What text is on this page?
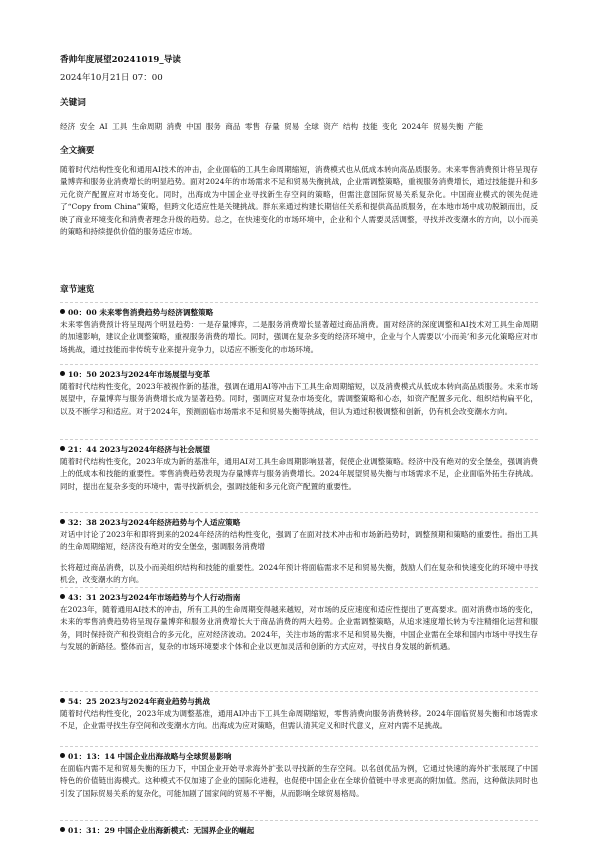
香帅年度展望20241019_导读
2024年10月21日 07：00
关键词
经济 安全 AI 工具 生命周期 消费 中国 服务 商品 零售 存量 贸易 全球 资产 结构 技能 变化 2024年 贸易失衡 产能
全文摘要
随着时代结构性变化和通用AI技术的冲击，企业面临的工具生命周期缩短，消费模式也从低成本转向高品质服务。未来零售消费预计将呈现存量博弈和服务业消费增长的明显趋势。面对2024年的市场需求不足和贸易失衡挑战，企业需调整策略，重视服务消费增长，通过技能提升和多元化资产配置应对市场变化。同时，出海成为中国企业寻找新生存空间的策略，但需注意国际贸易关系复杂化。中国商业模式的领先促进了“Copy from China”策略，但跨文化适应性是关键挑战。胖东来通过构建长期信任关系和提供高品质服务，在本地市场中成功脱颖而出，反映了商业环境变化和消费者理念升级的趋势。总之，在快速变化的市场环境中，企业和个人需要灵活调整，寻找并改变潮水的方向，以小而美的策略和持续提供价值的服务适应市场。
章节速览
00：00 未来零售消费趋势与经济调整策略
未来零售消费预计将呈现两个明显趋势：一是存量博弈，二是服务消费增长显著超过商品消费。面对经济的深度调整和AI技术对工具生命周期的加速影响，建议企业调整策略，重视服务消费的增长。同时，强调在复杂多变的经济环境中，企业与个人需要以‘小而美’和多元化策略应对市场挑战，通过技能而非传统专业来提升竞争力，以适应不断变化的市场环境。
10：50 2023与2024年市场展望与变革
随着时代结构性变化，2023年被视作新的基准，强调在通用AI等冲击下工具生命周期缩短，以及消费模式从低成本转向高品质服务。未来市场展望中，存量博弈与服务消费增长成为显著趋势。同时，强调应对复杂市场变化，需调整策略和心态，如资产配置多元化、组织结构扁平化，以及不断学习和适应。对于2024年，预测面临市场需求不足和贸易失衡等挑战，但认为通过积极调整和创新，仍有机会改变潮水方向。
21：44 2023与2024年经济与社会展望
随着时代结构性变化，2023年成为新的基准年，通用AI对工具生命周期影响显著，促使企业调整策略。经济中没有绝对的安全堡垒，强调消费上的低成本和技能的重要性。零售消费趋势表现为存量博弈与服务消费增长。2024年展望贸易失衡与市场需求不足，企业面临外拓生存挑战。同时，提出在复杂多变的环境中，需寻找新机会，强调技能和多元化资产配置的重要性。
32：38 2023与2024年经济趋势与个人适应策略
对话中讨论了2023年和即将到来的2024年经济的结构性变化，强调了在面对技术冲击和市场新趋势时，调整预期和策略的重要性。指出工具的生命周期缩短，经济没有绝对的安全堡垒，强调服务消费增
长将超过商品消费，以及小而美组织结构和技能的重要性。2024年预计将面临需求不足和贸易失衡，鼓励人们在复杂和快速变化的环境中寻找机会，改变潮水的方向。
43：31 2023与2024年市场趋势与个人行动指南
在2023年，随着通用AI技术的冲击，所有工具的生命周期变得越来越短，对市场的反应速度和适应性提出了更高要求。面对消费市场的变化，未来的零售消费趋势将呈现存量博弈和服务业消费增长大于商品消费的两大趋势。企业需调整策略，从追求速度增长转为专注精细化运营和服务，同时保持资产和投资组合的多元化，应对经济波动。2024年，关注市场的需求不足和贸易失衡，中国企业需在全球和国内市场中寻找生存与发展的新路径。整体而言，复杂的市场环境要求个体和企业以更加灵活和创新的方式应对，寻找自身发展的新机遇。
54：25 2023与2024年商业趋势与挑战
随着时代结构性变化，2023年成为调整基准，通用AI冲击下工具生命周期缩短，零售消费向服务消费转移。2024年面临贸易失衡和市场需求不足，企业需寻找生存空间和改变潮水方向。出海成为应对策略，但需认清其定义和时代意义，应对内需不足挑战。
01：13：14 中国企业出海战略与全球贸易影响
在面临内需不足和贸易失衡的压力下，中国企业开始寻求海外扩张以寻找新的生存空间。以名创优品为例，它通过快速的海外扩张展现了中国特色的价值链出海模式。这种模式不仅加速了企业的国际化进程，也促使中国企业在全球价值链中寻求更高的附加值。然而，这种做法同时也引发了国际贸易关系的复杂化，可能加剧了国家间的贸易不平衡，从而影响全球贸易格局。
01：31：29 中国企业出海新模式：无国界企业的崛起
